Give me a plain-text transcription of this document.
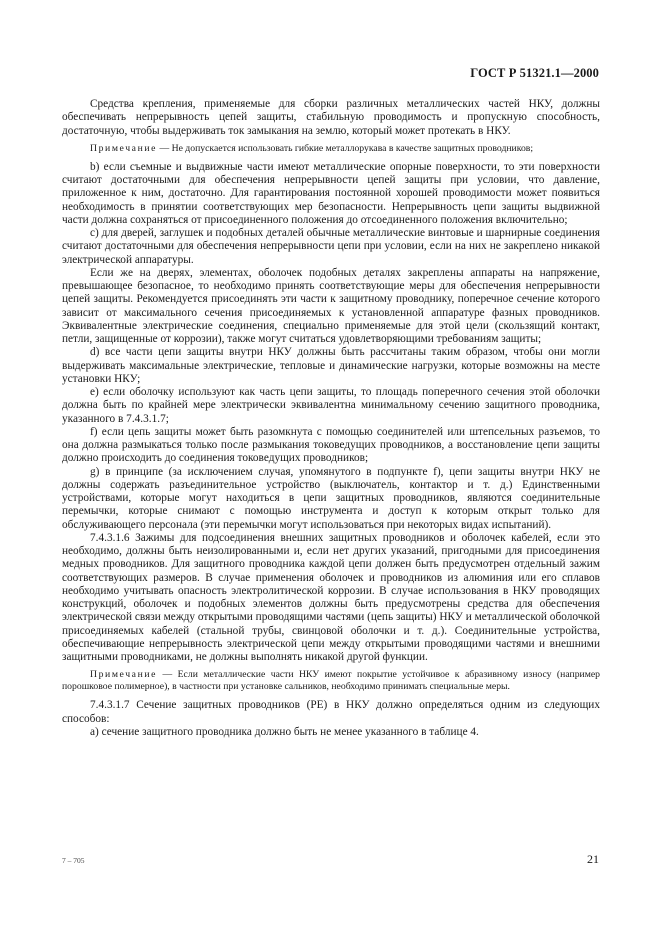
ГОСТ Р 51321.1—2000

Средства крепления, применяемые для сборки различных металлических частей НКУ, должны обеспечивать непрерывность цепей защиты, стабильную проводимость и пропускную способность, достаточную, чтобы выдерживать ток замыкания на землю, который может протекать в НКУ.

Примечание — Не допускается использовать гибкие металлорукава в качестве защитных проводников;

b) если съемные и выдвижные части имеют металлические опорные поверхности, то эти поверхности считают достаточными для обеспечения непрерывности цепей защиты при условии, что давление, приложенное к ним, достаточно. Для гарантирования постоянной хорошей проводимости может появиться необходимость в принятии соответствующих мер безопасности. Непрерывность цепи защиты выдвижной части должна сохраняться от присоединенного положения до отсоединенного положения включительно;

c) для дверей, заглушек и подобных деталей обычные металлические винтовые и шарнирные соединения считают достаточными для обеспечения непрерывности цепи при условии, если на них не закреплено никакой электрической аппаратуры.

Если же на дверях, элементах, оболочек подобных деталях закреплены аппараты на напряжение, превышающее безопасное, то необходимо принять соответствующие меры для обеспечения непрерывности цепей защиты. Рекомендуется присоединять эти части к защитному проводнику, поперечное сечение которого зависит от максимального сечения присоединяемых к установленной аппаратуре фазных проводников. Эквивалентные электрические соединения, специально применяемые для этой цели (скользящий контакт, петли, защищенные от коррозии), также могут считаться удовлетворяющими требованиям защиты;

d) все части цепи защиты внутри НКУ должны быть рассчитаны таким образом, чтобы они могли выдерживать максимальные электрические, тепловые и динамические нагрузки, которые возможны на месте установки НКУ;

e) если оболочку используют как часть цепи защиты, то площадь поперечного сечения этой оболочки должна быть по крайней мере электрически эквивалентна минимальному сечению защитного проводника, указанного в 7.4.3.1.7;

f) если цепь защиты может быть разомкнута с помощью соединителей или штепсельных разъемов, то она должна размыкаться только после размыкания токоведущих проводников, а восстановление цепи защиты должно происходить до соединения токоведущих проводников;

g) в принципе (за исключением случая, упомянутого в подпункте f), цепи защиты внутри НКУ не должны содержать разъединительное устройство (выключатель, контактор и т. д.) Единственными устройствами, которые могут находиться в цепи защитных проводников, являются соединительные перемычки, которые снимают с помощью инструмента и доступ к которым открыт только для обслуживающего персонала (эти перемычки могут использоваться при некоторых видах испытаний).

7.4.3.1.6 Зажимы для подсоединения внешних защитных проводников и оболочек кабелей, если это необходимо, должны быть неизолированными и, если нет других указаний, пригодными для присоединения медных проводников. Для защитного проводника каждой цепи должен быть предусмотрен отдельный зажим соответствующих размеров. В случае применения оболочек и проводников из алюминия или его сплавов необходимо учитывать опасность электролитической коррозии. В случае использования в НКУ проводящих конструкций, оболочек и подобных элементов должны быть предусмотрены средства для обеспечения электрической связи между открытыми проводящими частями (цепь защиты) НКУ и металлической оболочкой присоединяемых кабелей (стальной трубы, свинцовой оболочки и т. д.). Соединительные устройства, обеспечивающие непрерывность электрической цепи между открытыми проводящими частями и внешними защитными проводниками, не должны выполнять никакой другой функции.

Примечание — Если металлические части НКУ имеют покрытие устойчивое к абразивному износу (например порошковое полимерное), в частности при установке сальников, необходимо принимать специальные меры.

7.4.3.1.7 Сечение защитных проводников (РЕ) в НКУ должно определяться одним из следующих способов:

а) сечение защитного проводника должно быть не менее указанного в таблице 4.

7 – 705	21
